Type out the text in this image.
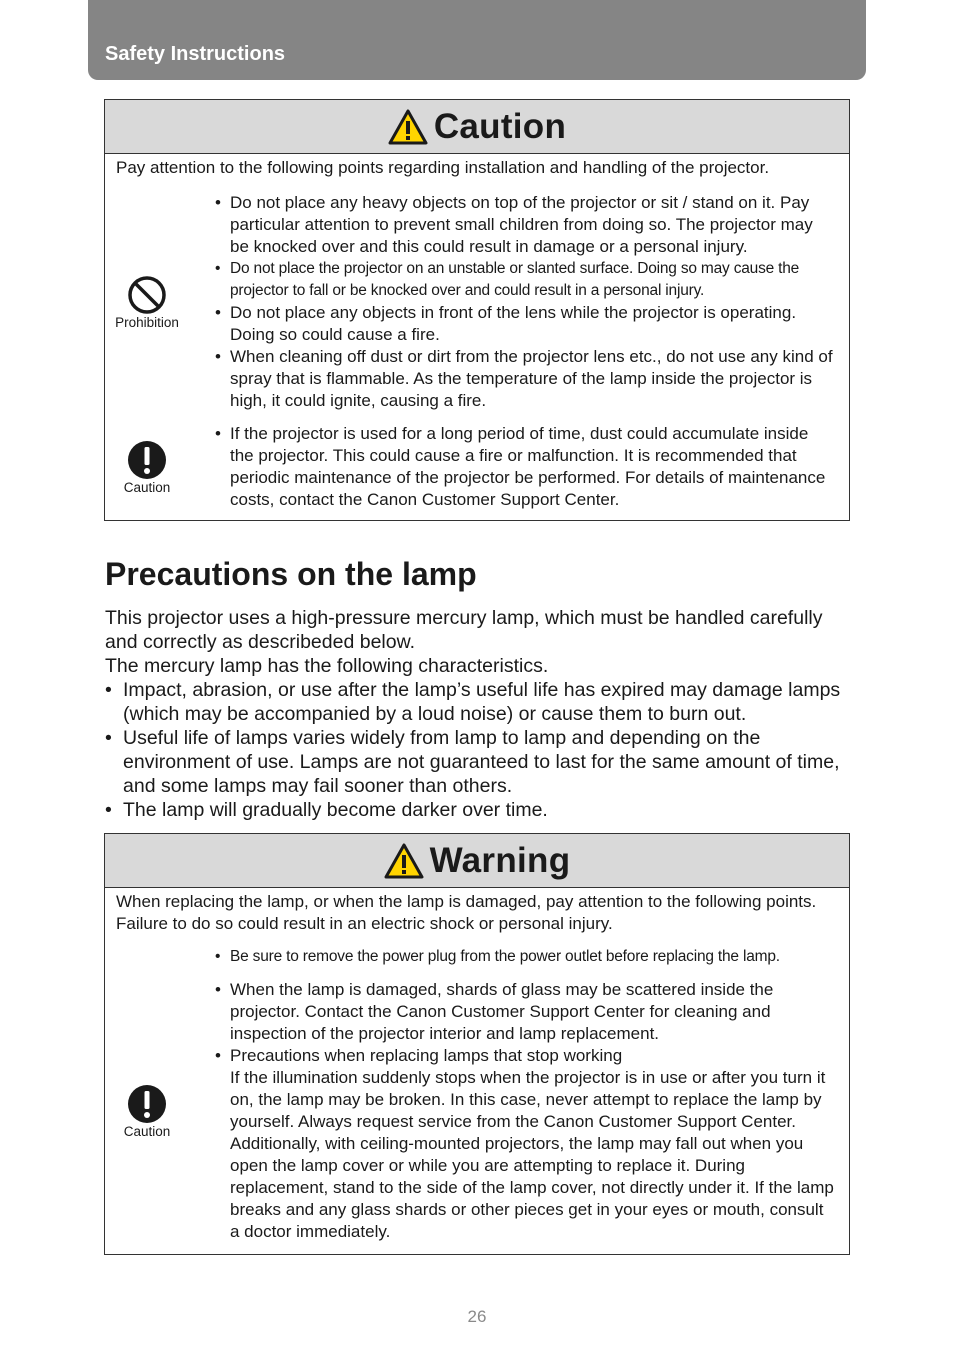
Safety Instructions
Caution
Pay attention to the following points regarding installation and handling of the projector.
Prohibition
• Do not place any heavy objects on top of the projector or sit / stand on it. Pay particular attention to prevent small children from doing so. The projector may be knocked over and this could result in damage or a personal injury.
• Do not place the projector on an unstable or slanted surface. Doing so may cause the projector to fall or be knocked over and could result in a personal injury.
• Do not place any objects in front of the lens while the projector is operating. Doing so could cause a fire.
• When cleaning off dust or dirt from the projector lens etc., do not use any kind of spray that is flammable. As the temperature of the lamp inside the projector is high, it could ignite, causing a fire.
Caution
• If the projector is used for a long period of time, dust could accumulate inside the projector. This could cause a fire or malfunction. It is recommended that periodic maintenance of the projector be performed. For details of maintenance costs, contact the Canon Customer Support Center.
Precautions on the lamp

This projector uses a high-pressure mercury lamp, which must be handled carefully and correctly as describeded below.

The mercury lamp has the following characteristics.

• Impact, abrasion, or use after the lamp’s useful life has expired may damage lamps (which may be accompanied by a loud noise) or cause them to burn out.
• Useful life of lamps varies widely from lamp to lamp and depending on the environment of use. Lamps are not guaranteed to last for the same amount of time, and some lamps may fail sooner than others.
• The lamp will gradually become darker over time.
Warning
When replacing the lamp, or when the lamp is damaged, pay attention to the following points. Failure to do so could result in an electric shock or personal injury.
• Be sure to remove the power plug from the power outlet before replacing the lamp.
Caution
• When the lamp is damaged, shards of glass may be scattered inside the projector. Contact the Canon Customer Support Center for cleaning and inspection of the projector interior and lamp replacement.
• Precautions when replacing lamps that stop working
If the illumination suddenly stops when the projector is in use or after you turn it on, the lamp may be broken. In this case, never attempt to replace the lamp by yourself. Always request service from the Canon Customer Support Center. Additionally, with ceiling-mounted projectors, the lamp may fall out when you open the lamp cover or while you are attempting to replace it. During replacement, stand to the side of the lamp cover, not directly under it. If the lamp breaks and any glass shards or other pieces get in your eyes or mouth, consult a doctor immediately.
26
